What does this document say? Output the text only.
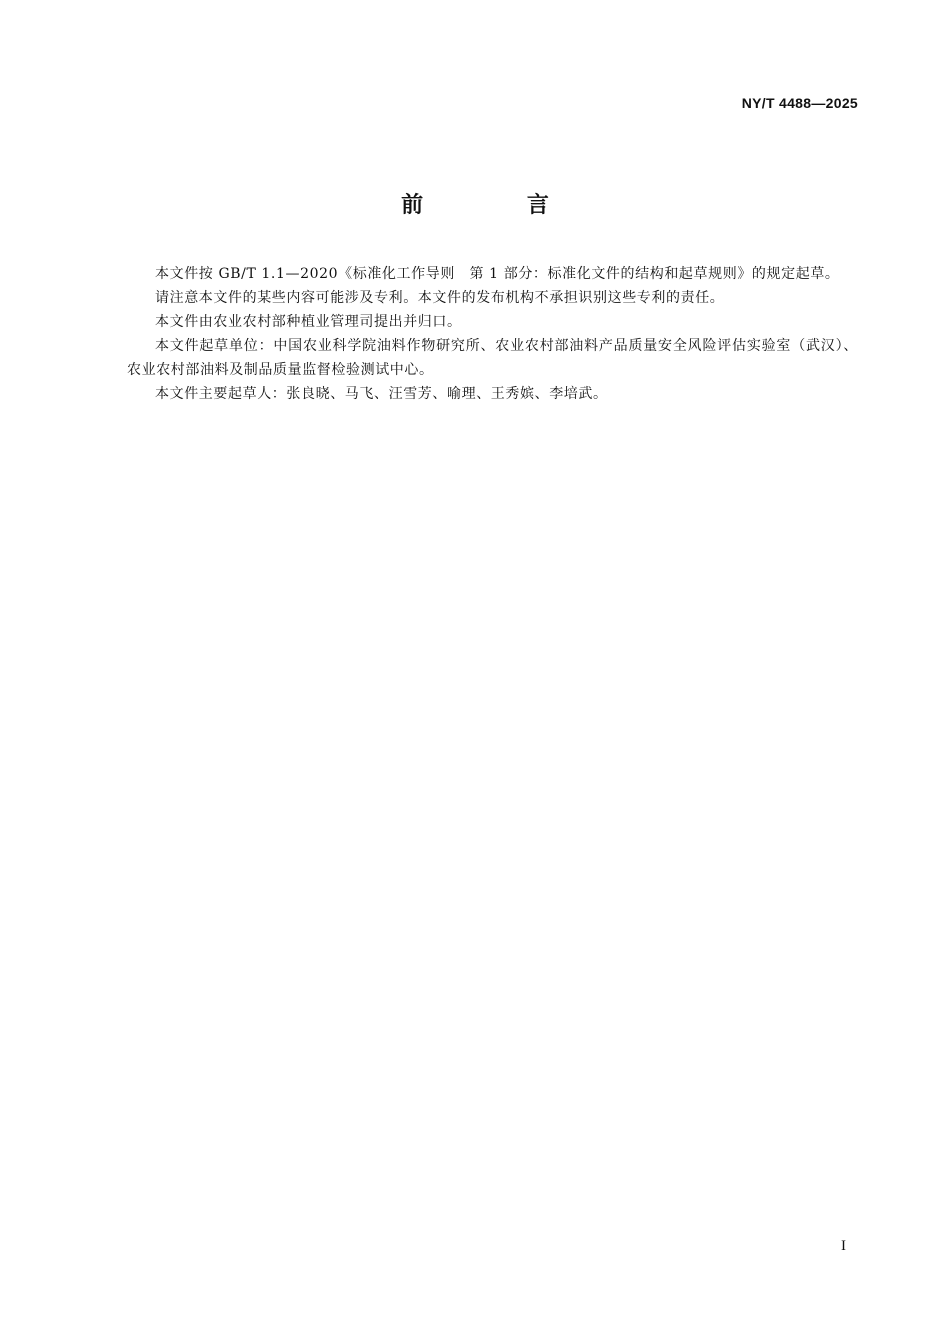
NY/T 4488—2025
前 言

本文件按 GB/T 1.1—2020《标准化工作导则　第 1 部分：标准化文件的结构和起草规则》的规定起草。

请注意本文件的某些内容可能涉及专利。本文件的发布机构不承担识别这些专利的责任。

本文件由农业农村部种植业管理司提出并归口。

本文件起草单位：中国农业科学院油料作物研究所、农业农村部油料产品质量安全风险评估实验室（武汉）、农业农村部油料及制品质量监督检验测试中心。

本文件主要起草人：张良晓、马飞、汪雪芳、喻理、王秀嫔、李培武。

I
